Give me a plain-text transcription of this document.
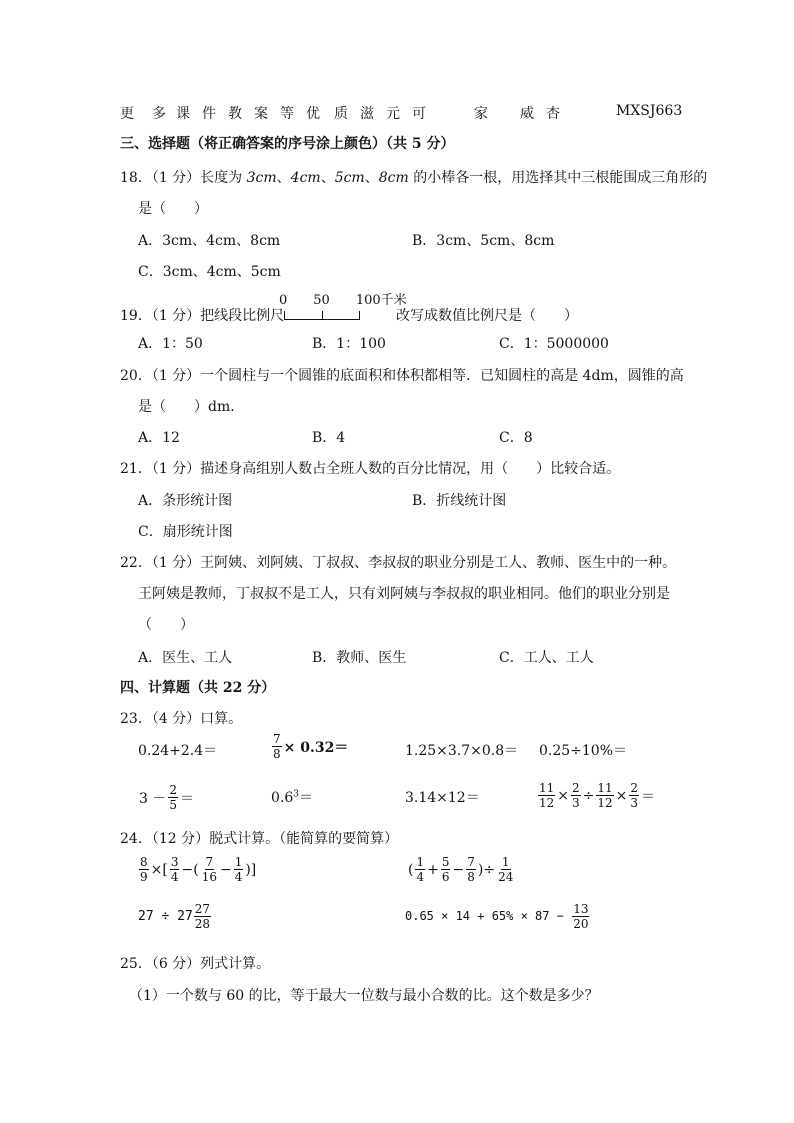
更 多 课 件 教 案 等 优 质 滋 元 可	家 威 杏	MXSJ663
三、选择题（将正确答案的序号涂上颜色）（共 5 分）
18．（1 分）长度为 3cm、4cm、5cm、8cm 的小棒各一根，用选择其中三根能围成三角形的
是（　　）
A．3cm、4cm、8cm	B．3cm、5cm、8cm
C．3cm、4cm、5cm
0　　50　　100千米
19．（1 分）把线段比例尺	改写成数值比例尺是（　　）
A．1：50	B．1：100	C．1：5000000
20．（1 分）一个圆柱与一个圆锥的底面积和体积都相等．已知圆柱的高是 4dm，圆锥的高
是（　　）dm．
A．12	B．4	C．8
21．（1 分）描述身高组别人数占全班人数的百分比情况，用（　　）比较合适。
A．条形统计图	B．折线统计图
C．扇形统计图
22．（1 分）王阿姨、刘阿姨、丁叔叔、李叔叔的职业分别是工人、教师、医生中的一种。
王阿姨是教师，丁叔叔不是工人，只有刘阿姨与李叔叔的职业相同。他们的职业分别是
（　　）
A．医生、工人	B．教师、医生	C．工人、工人
四、计算题（共 22 分）
23．（4 分）口算。
0.24+2.4＝	$\frac{7}{8} \times 0.32=$	1.25×3.7×0.8＝ 0.25÷10%＝
$3 - \frac{2}{5}$ ＝	$0.6^3=$	3.14×12＝	$\frac{11}{12} \times \frac{2}{3} \div \frac{11}{12} \times \frac{2}{3}$ ＝
24．（12 分）脱式计算。（能简算的要简算）
$\frac{8}{9}$ ×[ $\frac{3}{4}$ −( $\frac{7}{16} - \frac{1}{4}$ )]	( $\frac{1}{4} + \frac{5}{6} - \frac{7}{8}$ )÷ $\frac{1}{24}$
$27 \div 27 \frac{27}{28}$	$0.65 \times 14 + 65\% \times 87 - \frac{13}{20}$
25．（6 分）列式计算。
（1）一个数与 60 的比，等于最大一位数与最小合数的比。这个数是多少？
